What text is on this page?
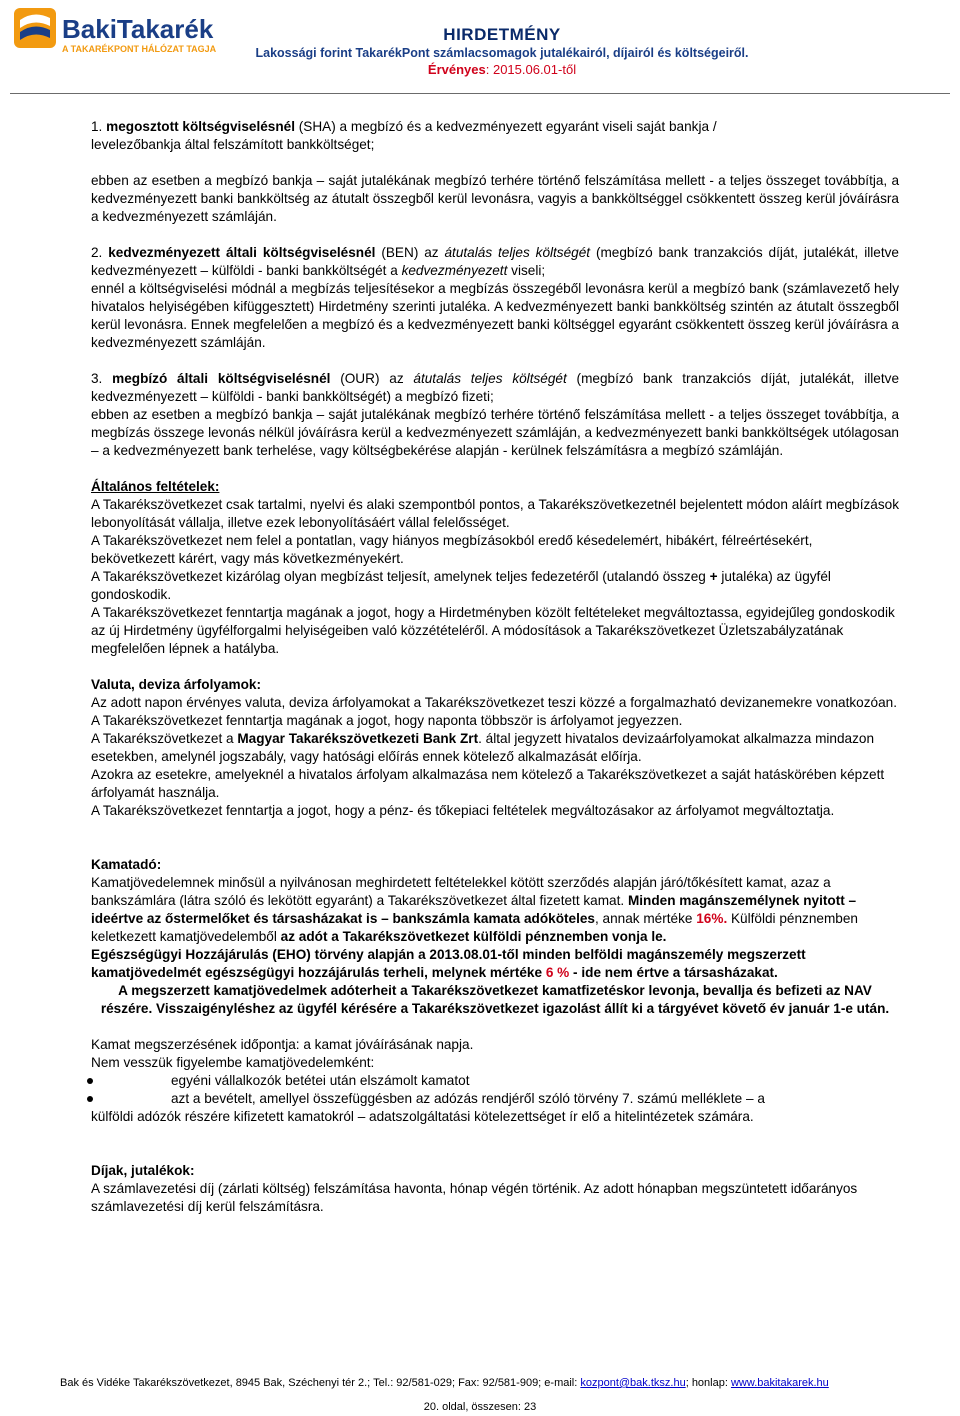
BakiTakarék
A TAKARÉKPONT HÁLÓZAT TAGJA
HIRDETMÉNY
Lakossági forint TakarékPont számlacsomagok jutalékairól, díjairól és költségeiről.
Érvényes: 2015.06.01-től

1. megosztott költségviselésnél (SHA) a megbízó és a kedvezményezett egyaránt viseli saját bankja /

levelezőbankja által felszámított bankköltséget;

ebben az esetben a megbízó bankja – saját jutalékának megbízó terhére történő felszámítása mellett - a teljes összeget továbbítja, a kedvezményezett banki bankköltség az átutalt összegből kerül levonásra, vagyis a bankköltséggel csökkentett összeg kerül jóváírásra a kedvezményezett számláján.

2. kedvezményezett általi költségviselésnél (BEN) az átutalás teljes költségét (megbízó bank tranzakciós díját, jutalékát, illetve kedvezményezett – külföldi - banki bankköltségét a kedvezményezett viseli;

ennél a költségviselési módnál a megbízás teljesítésekor a megbízás összegéből levonásra kerül a megbízó bank (számlavezető hely hivatalos helyiségében kifüggesztett) Hirdetmény szerinti jutaléka. A kedvezményezett banki bankköltség szintén az átutalt összegből kerül levonásra. Ennek megfelelően a megbízó és a kedvezményezett banki költséggel egyaránt csökkentett összeg kerül jóváírásra a kedvezményezett számláján.

3. megbízó általi költségviselésnél (OUR) az átutalás teljes költségét (megbízó bank tranzakciós díját, jutalékát, illetve kedvezményezett – külföldi - banki bankköltségét) a megbízó fizeti;

ebben az esetben a megbízó bankja – saját jutalékának megbízó terhére történő felszámítása mellett - a teljes összeget továbbítja, a megbízás összege levonás nélkül jóváírásra kerül a kedvezményezett számláján, a kedvezményezett banki bankköltségek utólagosan – a kedvezményezett bank terhelése, vagy költségbekérése alapján - kerülnek felszámításra a megbízó számláján.

Általános feltételek:

A Takarékszövetkezet csak tartalmi, nyelvi és alaki szempontból pontos, a Takarékszövetkezetnél bejelentett módon aláírt megbízások lebonyolítását vállalja, illetve ezek lebonyolításáért vállal felelősséget.

A Takarékszövetkezet nem felel a pontatlan, vagy hiányos megbízásokból eredő késedelemért, hibákért, félreértésekért, bekövetkezett kárért, vagy más következményekért.

A Takarékszövetkezet kizárólag olyan megbízást teljesít, amelynek teljes fedezetéről (utalandó összeg + jutaléka) az ügyfél gondoskodik.

A Takarékszövetkezet fenntartja magának a jogot, hogy a Hirdetményben közölt feltételeket megváltoztassa, egyidejűleg gondoskodik az új Hirdetmény ügyfélforgalmi helyiségeiben való közzétételéről. A módosítások a Takarékszövetkezet Üzletszabályzatának megfelelően lépnek a hatályba.

Valuta, deviza árfolyamok:

Az adott napon érvényes valuta, deviza árfolyamokat a Takarékszövetkezet teszi közzé a forgalmazható devizanemekre vonatkozóan. A Takarékszövetkezet fenntartja magának a jogot, hogy naponta többször is árfolyamot jegyezzen.

A Takarékszövetkezet a Magyar Takarékszövetkezeti Bank Zrt. által jegyzett hivatalos devizaárfolyamokat alkalmazza mindazon esetekben, amelynél jogszabály, vagy hatósági előírás ennek kötelező alkalmazását előírja.

Azokra az esetekre, amelyeknél a hivatalos árfolyam alkalmazása nem kötelező a Takarékszövetkezet a saját hatáskörében képzett árfolyamát használja.

A Takarékszövetkezet fenntartja a jogot, hogy a pénz- és tőkepiaci feltételek megváltozásakor az árfolyamot megváltoztatja.

Kamatadó:

Kamatjövedelemnek minősül a nyilvánosan meghirdetett feltételekkel kötött szerződés alapján járó/tőkésített kamat, azaz a bankszámlára (látra szóló és lekötött egyaránt) a Takarékszövetkezet által fizetett kamat. Minden magánszemélynek nyitott – ideértve az őstermelőket és társasházakat is – bankszámla kamata adóköteles, annak mértéke 16%. Külföldi pénznemben keletkezett kamatjövedelemből az adót a Takarékszövetkezet külföldi pénznemben vonja le.

Egészségügyi Hozzájárulás (EHO) törvény alapján a 2013.08.01-től minden belföldi magánszemély megszerzett kamatjövedelmét egészségügyi hozzájárulás terheli, melynek mértéke 6 % - ide nem értve a társasházakat.

A megszerzett kamatjövedelmek adóterheit a Takarékszövetkezet kamatfizetéskor levonja, bevallja és befizeti az NAV részére. Visszaigényléshez az ügyfél kérésére a Takarékszövetkezet igazolást állít ki a tárgyévet követő év január 1-e után.

Kamat megszerzésének időpontja: a kamat jóváírásának napja.

Nem vesszük figyelembe kamatjövedelemként:

egyéni vállalkozók betétei után elszámolt kamatot
azt a bevételt, amellyel összefüggésben az adózás rendjéről szóló törvény 7. számú melléklete – a

külföldi adózók részére kifizetett kamatokról – adatszolgáltatási kötelezettséget ír elő a hitelintézetek számára.

Díjak, jutalékok:

A számlavezetési díj (zárlati költség) felszámítása havonta, hónap végén történik. Az adott hónapban megszüntetett időarányos számlavezetési díj kerül felszámításra.

Bak és Vidéke Takarékszövetkezet, 8945 Bak, Széchenyi tér 2.; Tel.: 92/581-029; Fax: 92/581-909; e-mail: kozpont@bak.tksz.hu; honlap: www.bakitakarek.hu
20. oldal, összesen: 23
